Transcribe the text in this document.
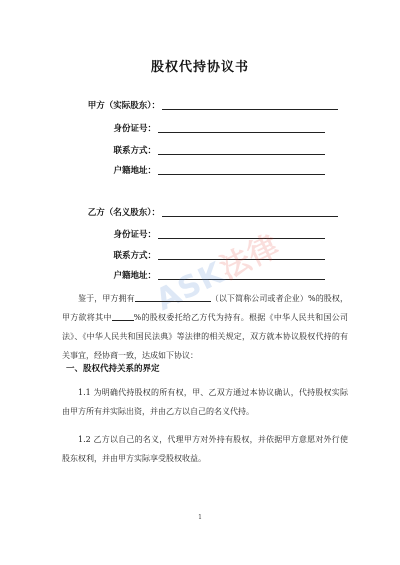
股权代持协议书
甲方（实际股东）：
身份证号：
联系方式：
户籍地址：
乙方（名义股东）：
身份证号：
联系方式：
户籍地址：
ASK法律
鉴于，甲方拥有	（以下简称公司或者企业）%的股权，甲方欲将其中	%的股权委托给乙方代为持有。根据《中华人民共和国公司法》、《中华人民共和国民法典》等法律的相关规定，双方就本协议股权代持的有关事宜，经协商一致，达成如下协议：
一、股权代持关系的界定
1.1 为明确代持股权的所有权，甲、乙双方通过本协议确认，代持股权实际由甲方所有并实际出资，并由乙方以自己的名义代持。
1.2 乙方以自己的名义，代理甲方对外持有股权，并依据甲方意愿对外行使股东权利，并由甲方实际享受股权收益。
1
